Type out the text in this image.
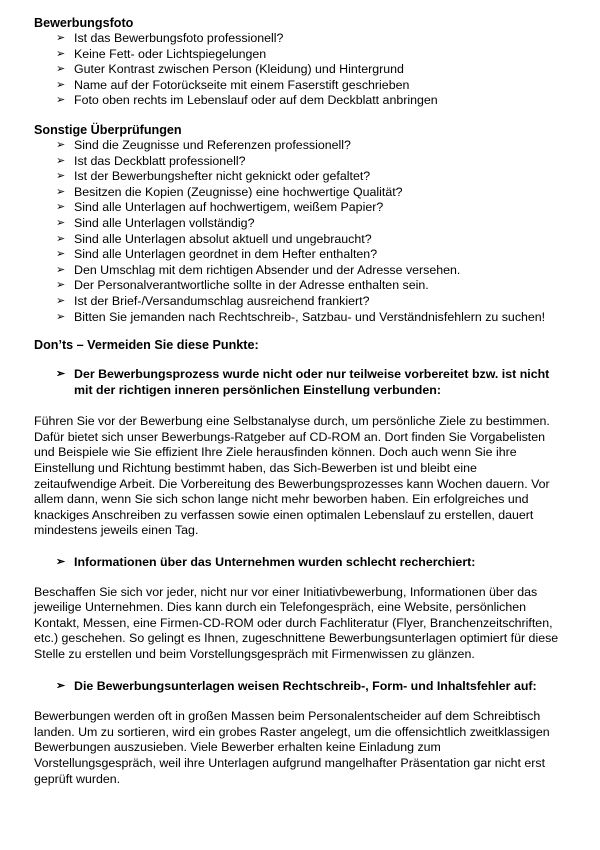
Bewerbungsfoto
➢ Ist das Bewerbungsfoto professionell?
➢ Keine Fett- oder Lichtspiegelungen
➢ Guter Kontrast zwischen Person (Kleidung) und Hintergrund
➢ Name auf der Fotorückseite mit einem Faserstift geschrieben
➢ Foto oben rechts im Lebenslauf oder auf dem Deckblatt anbringen
Sonstige Überprüfungen
➢ Sind die Zeugnisse und Referenzen professionell?
➢ Ist das Deckblatt professionell?
➢ Ist der Bewerbungshefter nicht geknickt oder gefaltet?
➢ Besitzen die Kopien (Zeugnisse) eine hochwertige Qualität?
➢ Sind alle Unterlagen auf hochwertigem, weißem Papier?
➢ Sind alle Unterlagen vollständig?
➢ Sind alle Unterlagen absolut aktuell und ungebraucht?
➢ Sind alle Unterlagen geordnet in dem Hefter enthalten?
➢ Den Umschlag mit dem richtigen Absender und der Adresse versehen.
➢ Der Personalverantwortliche sollte in der Adresse enthalten sein.
➢ Ist der Brief-/Versandumschlag ausreichend frankiert?
➢ Bitten Sie jemanden nach Rechtschreib-, Satzbau- und Verständnisfehlern zu suchen!
Don’ts – Vermeiden Sie diese Punkte:
➢ Der Bewerbungsprozess wurde nicht oder nur teilweise vorbereitet bzw. ist nicht mit der richtigen inneren persönlichen Einstellung verbunden:

Führen Sie vor der Bewerbung eine Selbstanalyse durch, um persönliche Ziele zu bestimmen. Dafür bietet sich unser Bewerbungs-Ratgeber auf CD-ROM an. Dort finden Sie Vorgabelisten und Beispiele wie Sie effizient Ihre Ziele herausfinden können. Doch auch wenn Sie ihre Einstellung und Richtung bestimmt haben, das Sich-Bewerben ist und bleibt eine zeitaufwendige Arbeit. Die Vorbereitung des Bewerbungsprozesses kann Wochen dauern. Vor allem dann, wenn Sie sich schon lange nicht mehr beworben haben. Ein erfolgreiches und knackiges Anschreiben zu verfassen sowie einen optimalen Lebenslauf zu erstellen, dauert mindestens jeweils einen Tag.

➢ Informationen über das Unternehmen wurden schlecht recherchiert:

Beschaffen Sie sich vor jeder, nicht nur vor einer Initiativbewerbung, Informationen über das jeweilige Unternehmen. Dies kann durch ein Telefongespräch, eine Website, persönlichen Kontakt, Messen, eine Firmen-CD-ROM oder durch Fachliteratur (Flyer, Branchenzeitschriften, etc.) geschehen. So gelingt es Ihnen, zugeschnittene Bewerbungsunterlagen optimiert für diese Stelle zu erstellen und beim Vorstellungsgespräch mit Firmenwissen zu glänzen.

➢ Die Bewerbungsunterlagen weisen Rechtschreib-, Form- und Inhaltsfehler auf:

Bewerbungen werden oft in großen Massen beim Personalentscheider auf dem Schreibtisch landen. Um zu sortieren, wird ein grobes Raster angelegt, um die offensichtlich zweitklassigen Bewerbungen auszusieben. Viele Bewerber erhalten keine Einladung zum Vorstellungsgespräch, weil ihre Unterlagen aufgrund mangelhafter Präsentation gar nicht erst geprüft wurden.
